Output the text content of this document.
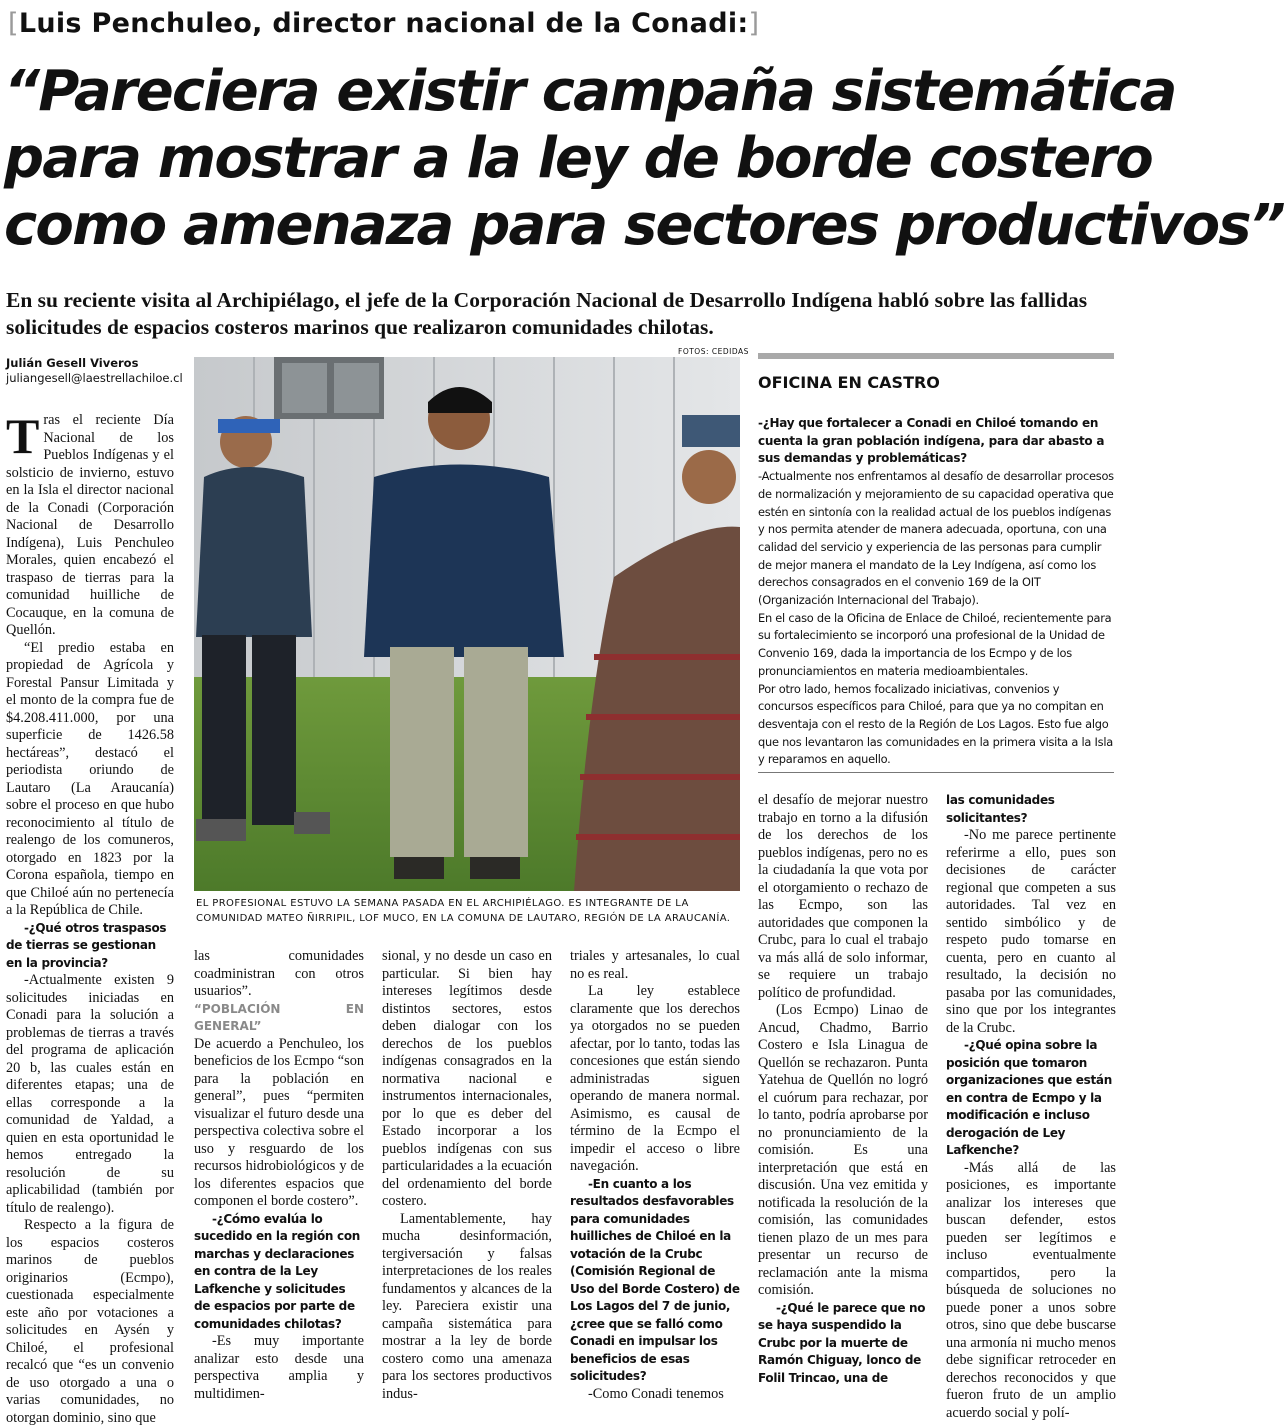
[Luis Penchuleo, director nacional de la Conadi:]
“Pareciera existir campaña sistemática
para mostrar a la ley de borde costero
como amenaza para sectores productivos”

En su reciente visita al Archipiélago, el jefe de la Corporación Nacional de Desarrollo Indígena habló sobre las fallidas solicitudes de espacios costeros marinos que realizaron comunidades chilotas.

Julián Gesell Viveros
juliangesell@laestrellachiloe.cl
FOTOS: CEDIDAS
EL PROFESIONAL ESTUVO LA SEMANA PASADA EN EL ARCHIPIÉLAGO. ES INTEGRANTE DE LA COMUNIDAD MATEO ÑIRRIPIL, LOF MUCO, EN LA COMUNA DE LAUTARO, REGIÓN DE LA ARAUCANÍA.

Tras el reciente Día Nacional de los Pueblos Indígenas y el solsticio de invierno, estuvo en la Isla el director nacional de la Conadi (Corporación Nacional de Desarrollo Indígena), Luis Penchuleo Morales, quien encabezó el traspaso de tierras para la comunidad huilliche de Cocauque, en la comuna de Quellón.

“El predio estaba en propiedad de Agrícola y Forestal Pansur Limitada y el monto de la compra fue de $4.208.411.000, por una superficie de 1426.58 hectáreas”, destacó el periodista oriundo de Lautaro (La Araucanía) sobre el proceso en que hubo reconocimiento al título de realengo de los comuneros, otorgado en 1823 por la Corona española, tiempo en que Chiloé aún no pertenecía a la República de Chile.

-¿Qué otros traspasos de tierras se gestionan en la provincia?

-Actualmente existen 9 solicitudes iniciadas en Conadi para la solución a problemas de tierras a través del programa de aplicación 20 b, las cuales están en diferentes etapas; una de ellas corresponde a la comunidad de Yaldad, a quien en esta oportunidad le hemos entregado la resolución de su aplicabilidad (también por título de realengo).

Respecto a la figura de los espacios costeros marinos de pueblos originarios (Ecmpo), cuestionada especialmente este año por votaciones a solicitudes en Aysén y Chiloé, el profesional recalcó que “es un convenio de uso otorgado a una o varias comunidades, no otorgan dominio, sino que

las comunidades coadministran con otros usuarios”.

“POBLACIÓN EN GENERAL”

De acuerdo a Penchuleo, los beneficios de los Ecmpo “son para la población en general”, pues “permiten visualizar el futuro desde una perspectiva colectiva sobre el uso y resguardo de los recursos hidrobiológicos y de los diferentes espacios que componen el borde costero”.

-¿Cómo evalúa lo sucedido en la región con marchas y declaraciones en contra de la Ley Lafkenche y solicitudes de espacios por parte de comunidades chilotas?

-Es muy importante analizar esto desde una perspectiva amplia y multidimen-

sional, y no desde un caso en particular. Si bien hay intereses legítimos desde distintos sectores, estos deben dialogar con los derechos de los pueblos indígenas consagrados en la normativa nacional e instrumentos internacionales, por lo que es deber del Estado incorporar a los pueblos indígenas con sus particularidades a la ecuación del ordenamiento del borde costero.

Lamentablemente, hay mucha desinformación, tergiversación y falsas interpretaciones de los reales fundamentos y alcances de la ley. Pareciera existir una campaña sistemática para mostrar a la ley de borde costero como una amenaza para los sectores productivos indus-

triales y artesanales, lo cual no es real.

La ley establece claramente que los derechos ya otorgados no se pueden afectar, por lo tanto, todas las concesiones que están siendo administradas siguen operando de manera normal. Asimismo, es causal de término de la Ecmpo el impedir el acceso o libre navegación.

-En cuanto a los resultados desfavorables para comunidades huilliches de Chiloé en la votación de la Crubc (Comisión Regional de Uso del Borde Costero) de Los Lagos del 7 de junio, ¿cree que se falló como Conadi en impulsar los beneficios de esas solicitudes?

-Como Conadi tenemos

OFICINA EN CASTRO

-¿Hay que fortalecer a Conadi en Chiloé tomando en cuenta la gran población indígena, para dar abasto a sus demandas y problemáticas?

-Actualmente nos enfrentamos al desafío de desarrollar procesos de normalización y mejoramiento de su capacidad operativa que estén en sintonía con la realidad actual de los pueblos indígenas y nos permita atender de manera adecuada, oportuna, con una calidad del servicio y experiencia de las personas para cumplir de mejor manera el mandato de la Ley Indígena, así como los derechos consagrados en el convenio 169 de la OIT (Organización Internacional del Trabajo).

En el caso de la Oficina de Enlace de Chiloé, recientemente para su fortalecimiento se incorporó una profesional de la Unidad de Convenio 169, dada la importancia de los Ecmpo y de los pronunciamientos en materia medioambientales.

Por otro lado, hemos focalizado iniciativas, convenios y concursos específicos para Chiloé, para que ya no compitan en desventaja con el resto de la Región de Los Lagos. Esto fue algo que nos levantaron las comunidades en la primera visita a la Isla y reparamos en aquello.

el desafío de mejorar nuestro trabajo en torno a la difusión de los derechos de los pueblos indígenas, pero no es la ciudadanía la que vota por el otorgamiento o rechazo de las Ecmpo, son las autoridades que componen la Crubc, para lo cual el trabajo va más allá de solo informar, se requiere un trabajo político de profundidad.

(Los Ecmpo) Linao de Ancud, Chadmo, Barrio Costero e Isla Linagua de Quellón se rechazaron. Punta Yatehua de Quellón no logró el cuórum para rechazar, por lo tanto, podría aprobarse por no pronunciamiento de la comisión. Es una interpretación que está en discusión. Una vez emitida y notificada la resolución de la comisión, las comunidades tienen plazo de un mes para presentar un recurso de reclamación ante la misma comisión.

-¿Qué le parece que no se haya suspendido la Crubc por la muerte de Ramón Chiguay, lonco de Folil Trincao, una de

las comunidades solicitantes?

-No me parece pertinente referirme a ello, pues son decisiones de carácter regional que competen a sus autoridades. Tal vez en sentido simbólico y de respeto pudo tomarse en cuenta, pero en cuanto al resultado, la decisión no pasaba por las comunidades, sino que por los integrantes de la Crubc.

-¿Qué opina sobre la posición que tomaron organizaciones que están en contra de Ecmpo y la modificación e incluso derogación de Ley Lafkenche?

-Más allá de las posiciones, es importante analizar los intereses que buscan defender, estos pueden ser legítimos e incluso eventualmente compartidos, pero la búsqueda de soluciones no puede poner a unos sobre otros, sino que debe buscarse una armonía ni mucho menos debe significar retroceder en derechos reconocidos y que fueron fruto de un amplio acuerdo social y polí-
